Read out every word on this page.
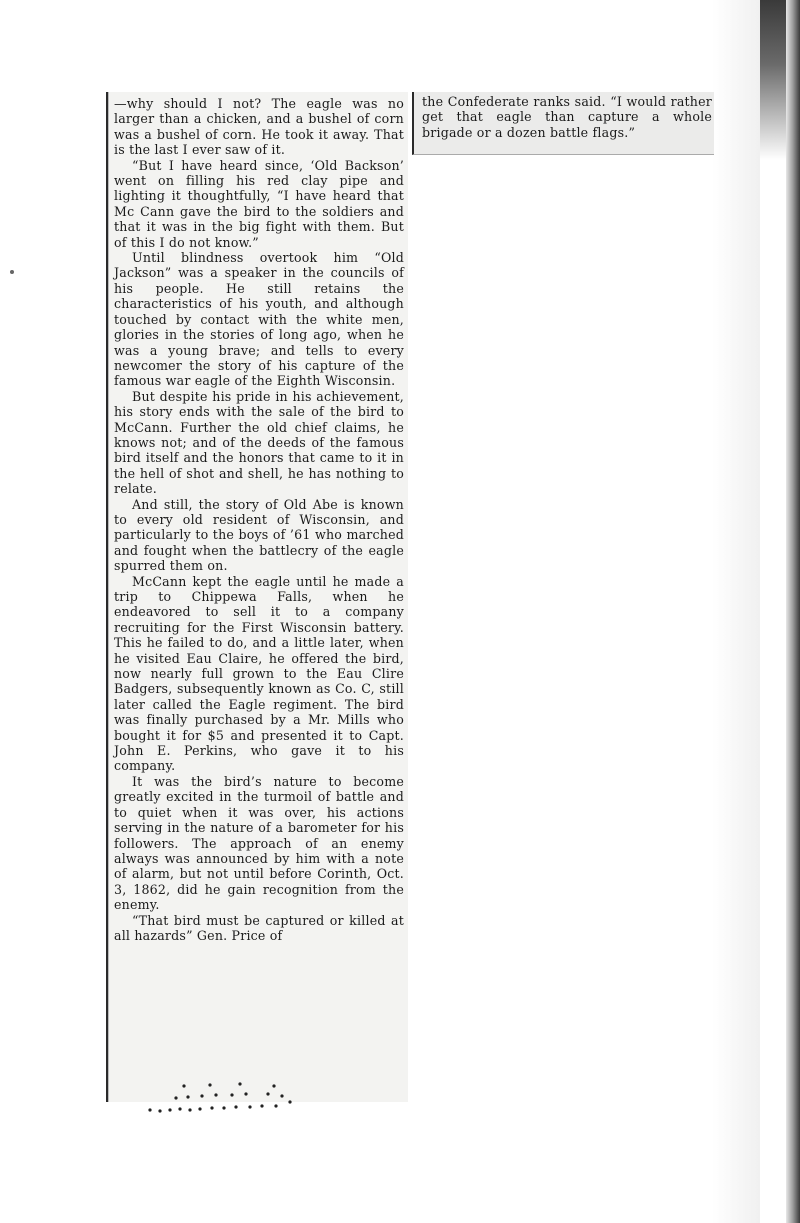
—why should I not? The eagle was no larger than a chicken, and a bushel of corn was a bushel of corn. He took it away. That is the last I ever saw of it.

“But I have heard since, ‘Old Backson’ went on filling his red clay pipe and lighting it thoughtfully, “I have heard that Mc Cann gave the bird to the soldiers and that it was in the big fight with them. But of this I do not know.”

Until blindness overtook him “Old Jackson” was a speaker in the councils of his people. He still retains the characteristics of his youth, and although touched by contact with the white men, glories in the stories of long ago, when he was a young brave; and tells to every newcomer the story of his capture of the famous war eagle of the Eighth Wisconsin.

But despite his pride in his achievement, his story ends with the sale of the bird to McCann. Further the old chief claims, he knows not; and of the deeds of the famous bird itself and the honors that came to it in the hell of shot and shell, he has nothing to relate.

And still, the story of Old Abe is known to every old resident of Wisconsin, and particularly to the boys of ’61 who marched and fought when the battlecry of the eagle spurred them on.

McCann kept the eagle until he made a trip to Chippewa Falls, when he endeavored to sell it to a company recruiting for the First Wisconsin battery. This he failed to do, and a little later, when he visited Eau Claire, he offered the bird, now nearly full grown to the Eau Clire Badgers, subsequently known as Co. C, still later called the Eagle regiment. The bird was finally purchased by a Mr. Mills who bought it for $5 and presented it to Capt. John E. Perkins, who gave it to his company.

It was the bird’s nature to become greatly excited in the turmoil of battle and to quiet when it was over, his actions serving in the nature of a barometer for his followers. The approach of an enemy always was announced by him with a note of alarm, but not until before Corinth, Oct. 3, 1862, did he gain recognition from the enemy.

“That bird must be captured or killed at all hazards” Gen. Price of

the Confederate ranks said. “I would rather get that eagle than capture a whole brigade or a dozen battle flags.”
